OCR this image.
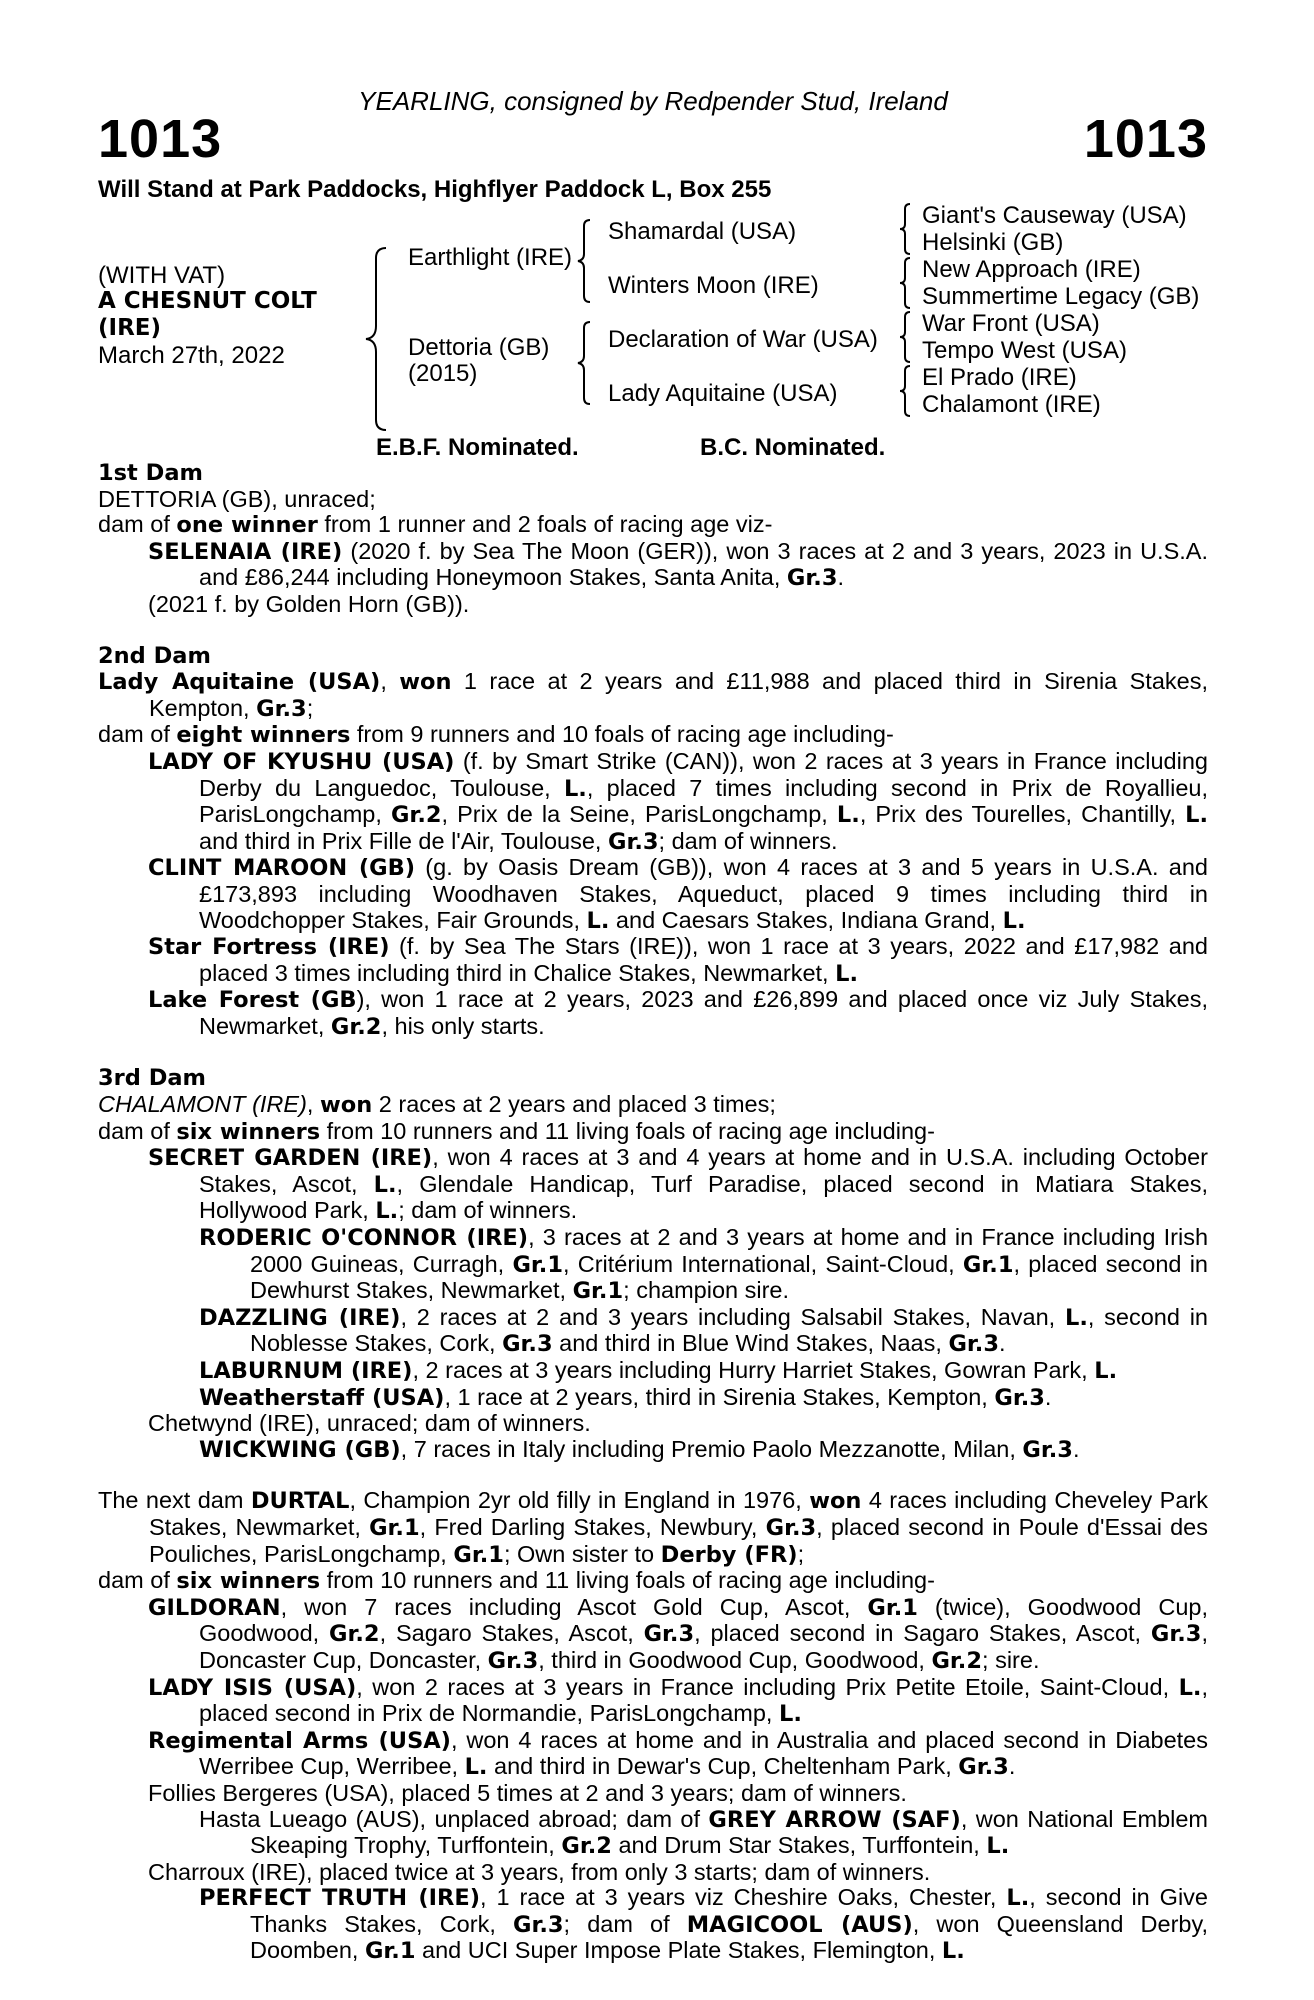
YEARLING, consigned by Redpender Stud, Ireland
1013	1013
Will Stand at Park Paddocks, Highflyer Paddock L, Box 255
(WITH VAT)
A CHESNUT COLT
(IRE)
March 27th, 2022
Earthlight (IRE)
Dettoria (GB)
(2015)
Shamardal (USA)
Winters Moon (IRE)
Declaration of War (USA)
Lady Aquitaine (USA)
Giant's Causeway (USA)
Helsinki (GB)
New Approach (IRE)
Summertime Legacy (GB)
War Front (USA)
Tempo West (USA)
El Prado (IRE)
Chalamont (IRE)
E.B.F. Nominated.	B.C. Nominated.

1st Dam

DETTORIA (GB), unraced;

dam of one winner from 1 runner and 2 foals of racing age viz-

SELENAIA (IRE) (2020 f. by Sea The Moon (GER)), won 3 races at 2 and 3 years, 2023 in U.S.A. and £86,244 including Honeymoon Stakes, Santa Anita, Gr.3.

(2021 f. by Golden Horn (GB)).

2nd Dam

Lady Aquitaine (USA), won 1 race at 2 years and £11,988 and placed third in Sirenia Stakes, Kempton, Gr.3;

dam of eight winners from 9 runners and 10 foals of racing age including-

LADY OF KYUSHU (USA) (f. by Smart Strike (CAN)), won 2 races at 3 years in France including Derby du Languedoc, Toulouse, L., placed 7 times including second in Prix de Royallieu, ParisLongchamp, Gr.2, Prix de la Seine, ParisLongchamp, L., Prix des Tourelles, Chantilly, L. and third in Prix Fille de l'Air, Toulouse, Gr.3; dam of winners.

CLINT MAROON (GB) (g. by Oasis Dream (GB)), won 4 races at 3 and 5 years in U.S.A. and £173,893 including Woodhaven Stakes, Aqueduct, placed 9 times including third in Woodchopper Stakes, Fair Grounds, L. and Caesars Stakes, Indiana Grand, L.

Star Fortress (IRE) (f. by Sea The Stars (IRE)), won 1 race at 3 years, 2022 and £17,982 and placed 3 times including third in Chalice Stakes, Newmarket, L.

Lake Forest (GB), won 1 race at 2 years, 2023 and £26,899 and placed once viz July Stakes, Newmarket, Gr.2, his only starts.

3rd Dam

CHALAMONT (IRE), won 2 races at 2 years and placed 3 times;

dam of six winners from 10 runners and 11 living foals of racing age including-

SECRET GARDEN (IRE), won 4 races at 3 and 4 years at home and in U.S.A. including October Stakes, Ascot, L., Glendale Handicap, Turf Paradise, placed second in Matiara Stakes, Hollywood Park, L.; dam of winners.

RODERIC O'CONNOR (IRE), 3 races at 2 and 3 years at home and in France including Irish 2000 Guineas, Curragh, Gr.1, Critérium International, Saint-Cloud, Gr.1, placed second in Dewhurst Stakes, Newmarket, Gr.1; champion sire.

DAZZLING (IRE), 2 races at 2 and 3 years including Salsabil Stakes, Navan, L., second in Noblesse Stakes, Cork, Gr.3 and third in Blue Wind Stakes, Naas, Gr.3.

LABURNUM (IRE), 2 races at 3 years including Hurry Harriet Stakes, Gowran Park, L.

Weatherstaff (USA), 1 race at 2 years, third in Sirenia Stakes, Kempton, Gr.3.

Chetwynd (IRE), unraced; dam of winners.

WICKWING (GB), 7 races in Italy including Premio Paolo Mezzanotte, Milan, Gr.3.

The next dam DURTAL, Champion 2yr old filly in England in 1976, won 4 races including Cheveley Park Stakes, Newmarket, Gr.1, Fred Darling Stakes, Newbury, Gr.3, placed second in Poule d'Essai des Pouliches, ParisLongchamp, Gr.1; Own sister to Derby (FR);

dam of six winners from 10 runners and 11 living foals of racing age including-

GILDORAN, won 7 races including Ascot Gold Cup, Ascot, Gr.1 (twice), Goodwood Cup, Goodwood, Gr.2, Sagaro Stakes, Ascot, Gr.3, placed second in Sagaro Stakes, Ascot, Gr.3, Doncaster Cup, Doncaster, Gr.3, third in Goodwood Cup, Goodwood, Gr.2; sire.

LADY ISIS (USA), won 2 races at 3 years in France including Prix Petite Etoile, Saint-Cloud, L., placed second in Prix de Normandie, ParisLongchamp, L.

Regimental Arms (USA), won 4 races at home and in Australia and placed second in Diabetes Werribee Cup, Werribee, L. and third in Dewar's Cup, Cheltenham Park, Gr.3.

Follies Bergeres (USA), placed 5 times at 2 and 3 years; dam of winners.

Hasta Lueago (AUS), unplaced abroad; dam of GREY ARROW (SAF), won National Emblem Skeaping Trophy, Turffontein, Gr.2 and Drum Star Stakes, Turffontein, L.

Charroux (IRE), placed twice at 3 years, from only 3 starts; dam of winners.

PERFECT TRUTH (IRE), 1 race at 3 years viz Cheshire Oaks, Chester, L., second in Give Thanks Stakes, Cork, Gr.3; dam of MAGICOOL (AUS), won Queensland Derby, Doomben, Gr.1 and UCI Super Impose Plate Stakes, Flemington, L.
